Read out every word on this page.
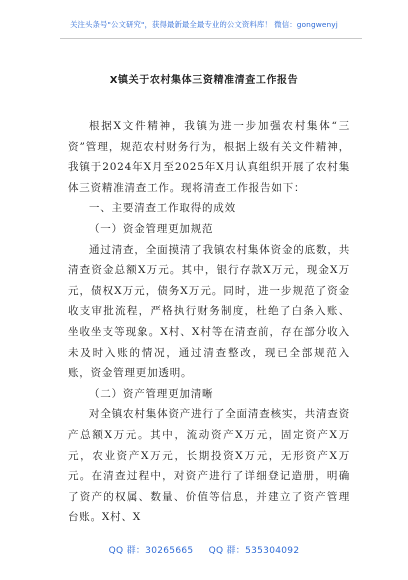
关注头条号"公文研究"，获得最新最全最专业的公文资料库！ 微信：gongwenyj
X镇关于农村集体三资精准清查工作报告

根据X文件精神，我镇为进一步加强农村集体“三资”管理，规范农村财务行为，根据上级有关文件精神，我镇于2024年X月至2025年X月认真组织开展了农村集体三资精准清查工作。现将清查工作报告如下：

一、主要清查工作取得的成效
（一）资金管理更加规范

通过清查，全面摸清了我镇农村集体资金的底数，共清查资金总额X万元。其中，银行存款X万元，现金X万元，债权X万元，债务X万元。同时，进一步规范了资金收支审批流程，严格执行财务制度，杜绝了白条入账、坐收坐支等现象。X村、X村等在清查前，存在部分收入未及时入账的情况，通过清查整改，现已全部规范入账，资金管理更加透明。

（二）资产管理更加清晰

对全镇农村集体资产进行了全面清查核实，共清查资产总额X万元。其中，流动资产X万元，固定资产X万元，农业资产X万元，长期投资X万元，无形资产X万元。在清查过程中，对资产进行了详细登记造册，明确了资产的权属、数量、价值等信息，并建立了资产管理台账。X村、X

QQ 群：30265665 QQ 群：535304092
